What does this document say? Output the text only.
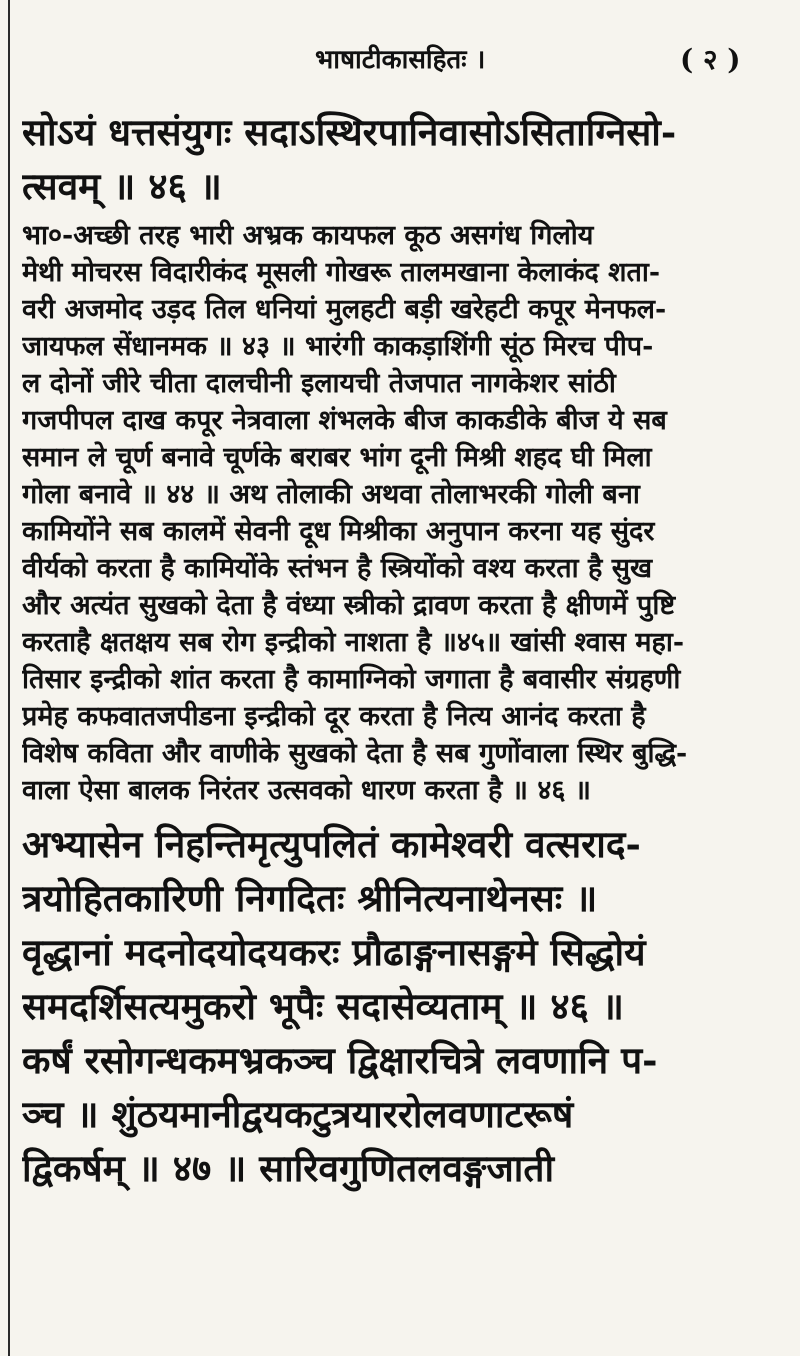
भाषाटीकासहितः ।	( २ )
सोऽयं धत्तसंयुगः सदाऽस्थिरपानिवासोऽसिताग्निसो-
त्सवम् ॥ ४६ ॥
भा०-अच्छी तरह भारी अभ्रक कायफल कूठ असगंध गिलोय
मेथी मोचरस विदारीकंद मूसली गोखरू तालमखाना केलाकंद शता-
वरी अजमोद उड़द तिल धनियां मुलहटी बड़ी खरेहटी कपूर मेनफल-
जायफल सेंधानमक ॥ ४३ ॥ भारंगी काकड़ाशिंगी सूंठ मिरच पीप-
ल दोनों जीरे चीता दालचीनी इलायची तेजपात नागकेशर सांठी
गजपीपल दाख कपूर नेत्रवाला शंभलके बीज काकडीके बीज ये सब
समान ले चूर्ण बनावे चूर्णके बराबर भांग दूनी मिश्री शहद घी मिला
गोला बनावे ॥ ४४ ॥ अथ तोलाकी अथवा तोलाभरकी गोली बना
कामियोंने सब कालमें सेवनी दूध मिश्रीका अनुपान करना यह सुंदर
वीर्यको करता है कामियोंके स्तंभन है स्त्रियोंको वश्य करता है सुख
और अत्यंत सुखको देता है वंध्या स्त्रीको द्रावण करता है क्षीणमें पुष्टि
करताहै क्षतक्षय सब रोग इन्द्रीको नाशता है ॥४५॥ खांसी श्वास महा-
तिसार इन्द्रीको शांत करता है कामाग्निको जगाता है बवासीर संग्रहणी
प्रमेह कफवातजपीडना इन्द्रीको दूर करता है नित्य आनंद करता है
विशेष कविता और वाणीके सुखको देता है सब गुणोंवाला स्थिर बुद्धि-
वाला ऐसा बालक निरंतर उत्सवको धारण करता है ॥ ४६ ॥
अभ्यासेन निहन्तिमृत्युपलितं कामेश्वरी वत्सराद-
त्रयोहितकारिणी निगदितः श्रीनित्यनाथेनसः ॥
वृद्धानां मदनोदयोदयकरः प्रौढाङ्गनासङ्गमे सिद्धोयं
समदर्शिसत्यमुकरो भूपैः सदासेव्यताम् ॥ ४६ ॥
कर्षं रसोगन्धकमभ्रकञ्च द्विक्षारचित्रे लवणानि प-
ञ्च ॥ शुंठयमानीद्वयकटुत्रयाररोलवणाटरूषं
द्विकर्षम् ॥ ४७ ॥ सारिवगुणितलवङ्गजाती
